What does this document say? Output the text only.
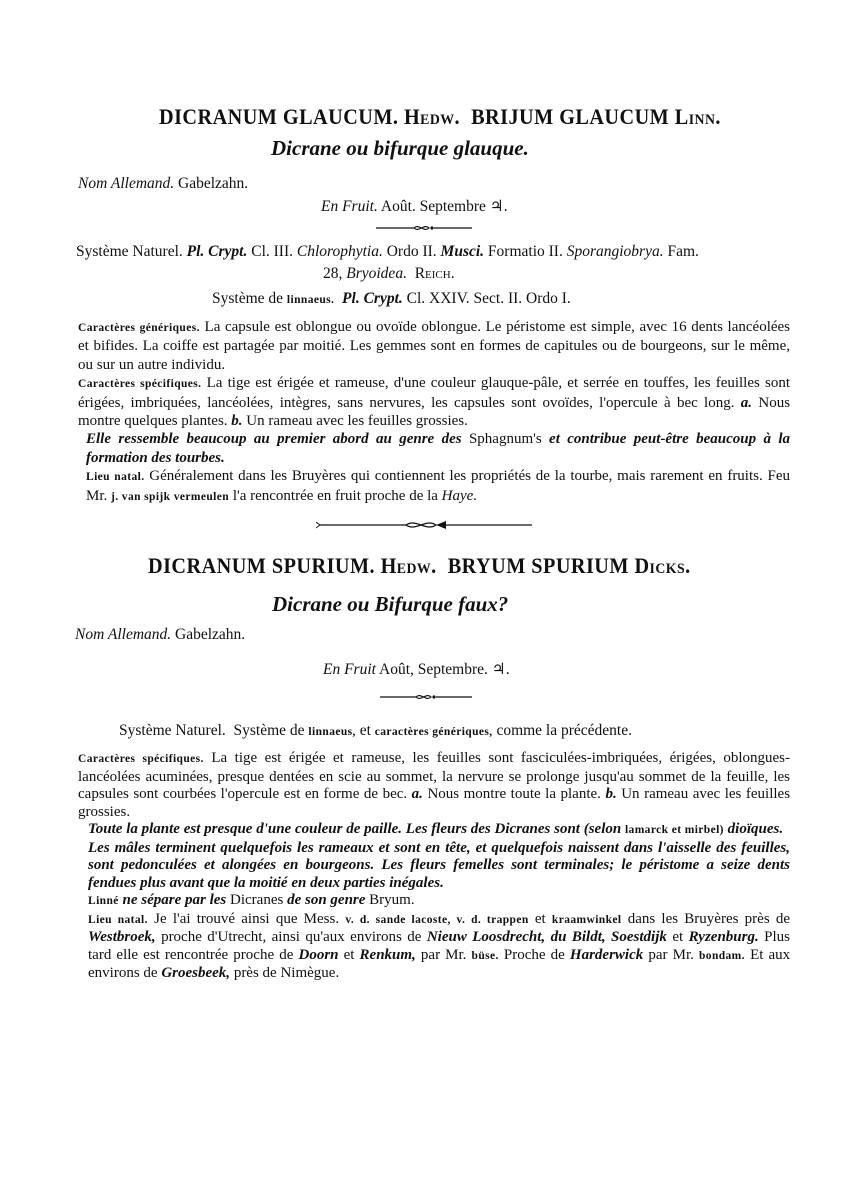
DICRANUM GLAUCUM. Hedw. BRIJUM GLAUCUM Linn.
Dicrane ou bifurque glauque.
Nom Allemand. Gabelzahn.
En Fruit. Août. Septembre ♃.
Système Naturel. Pl. Crypt. Cl. III. Chlorophytia. Ordo II. Musci. Formatio II. Sporangiobrya. Fam.
28, Bryoidea. Reich.
Système de linnaeus. Pl. Crypt. Cl. XXIV. Sect. II. Ordo I.

Caractères génériques. La capsule est oblongue ou ovoïde oblongue. Le péristome est simple, avec 16 dents lancéolées et bifides. La coiffe est partagée par moitié. Les gemmes sont en formes de capitules ou de bourgeons, sur le même, ou sur un autre individu.

Caractères spécifiques. La tige est érigée et rameuse, d'une couleur glauque-pâle, et serrée en touffes, les feuilles sont érigées, imbriquées, lancéolées, intègres, sans nervures, les capsules sont ovoïdes, l'opercule à bec long. a. Nous montre quelques plantes. b. Un rameau avec les feuilles grossies.

Elle ressemble beaucoup au premier abord au genre des Sphagnum's et contribue peut-être beaucoup à la formation des tourbes.

Lieu natal. Généralement dans les Bruyères qui contiennent les propriétés de la tourbe, mais rarement en fruits. Feu Mr. j. van spijk vermeulen l'a rencontrée en fruit proche de la Haye.

DICRANUM SPURIUM. Hedw. BRYUM SPURIUM Dicks.
Dicrane ou Bifurque faux?
Nom Allemand. Gabelzahn.
En Fruit Août, Septembre. ♃.
Système Naturel. Système de linnaeus, et caractères génériques, comme la précédente.

Caractères spécifiques. La tige est érigée et rameuse, les feuilles sont fasciculées-imbriquées, érigées, oblongues-lancéolées acuminées, presque dentées en scie au sommet, la nervure se prolonge jusqu'au sommet de la feuille, les capsules sont courbées l'opercule est en forme de bec. a. Nous montre toute la plante. b. Un rameau avec les feuilles grossies.

Toute la plante est presque d'une couleur de paille. Les fleurs des Dicranes sont (selon lamarck et mirbel) dioïques.

Les mâles terminent quelquefois les rameaux et sont en tête, et quelquefois naissent dans l'aisselle des feuilles, sont pedonculées et alongées en bourgeons. Les fleurs femelles sont terminales; le péristome a seize dents fendues plus avant que la moitié en deux parties inégales.

Linné ne sépare par les Dicranes de son genre Bryum.

Lieu natal. Je l'ai trouvé ainsi que Mess. v. d. sande lacoste, v. d. trappen et kraamwinkel dans les Bruyères près de Westbroek, proche d'Utrecht, ainsi qu'aux environs de Nieuw Loosdrecht, du Bildt, Soestdijk et Ryzenburg. Plus tard elle est rencontrée proche de Doorn et Renkum, par Mr. büse. Proche de Harderwick par Mr. bondam. Et aux environs de Groesbeek, près de Nimègue.
